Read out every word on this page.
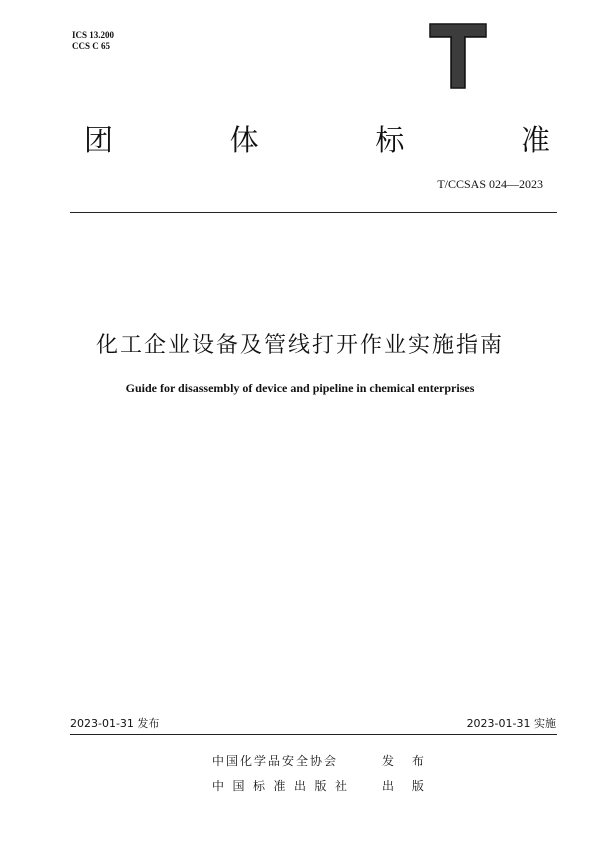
ICS 13.200
CCS C 65
团	体	标	准
T/CCSAS 024—2023
化工企业设备及管线打开作业实施指南
Guide for disassembly of device and pipeline in chemical enterprises
2023-01-31 发布	2023-01-31 实施
中国化学品安全协会	发 布
中国标准出版社	出 版
